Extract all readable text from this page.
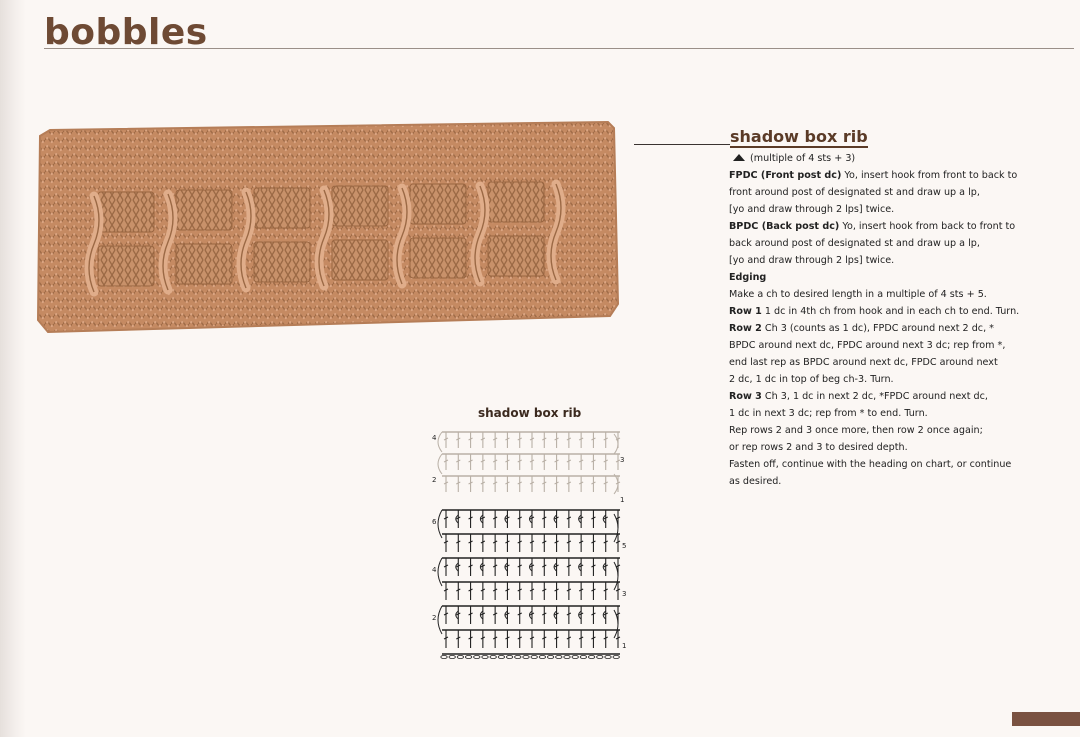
bobbles
shadow box rib
(multiple of 4 sts + 3)
FPDC (Front post dc) Yo, insert hook from front to back to
front around post of designated st and draw up a lp,
[yo and draw through 2 lps] twice.
BPDC (Back post dc) Yo, insert hook from back to front to
back around post of designated st and draw up a lp,
[yo and draw through 2 lps] twice.
Edging
Make a ch to desired length in a multiple of 4 sts + 5.
Row 1 1 dc in 4th ch from hook and in each ch to end. Turn.
Row 2 Ch 3 (counts as 1 dc), FPDC around next 2 dc, *
BPDC around next dc, FPDC around next 3 dc; rep from *,
end last rep as BPDC around next dc, FPDC around next
2 dc, 1 dc in top of beg ch-3. Turn.
Row 3 Ch 3, 1 dc in next 2 dc, *FPDC around next dc,
1 dc in next 3 dc; rep from * to end. Turn.
Rep rows 2 and 3 once more, then row 2 once again;
or rep rows 2 and 3 to desired depth.
Fasten off, continue with the heading on chart, or continue
as desired.
shadow box rib
4
2
3
1
6
4
2
5
3
1
